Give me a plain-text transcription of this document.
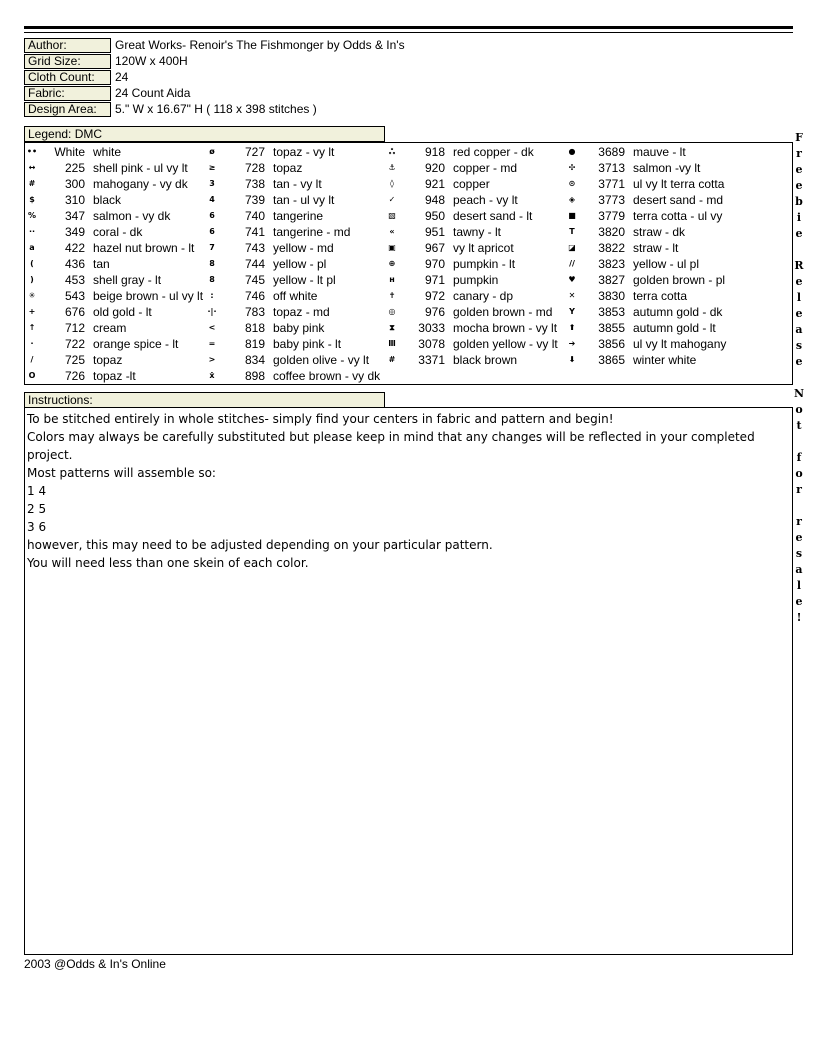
Author:	Great Works- Renoir's The Fishmonger by Odds & In's
Grid Size:	120W x 400H
Cloth Count:	24
Fabric:	24 Count Aida
Design Area:	5." W x 16.67" H ( 118 x 398 stitches )
Legend: DMC
•• White white
↔	225 shell pink - ul vy lt
#	300 mahogany - vy dk
$	310 black
%	347 salmon - vy dk
··	349 coral - dk
a	422 hazel nut brown - lt
(	436 tan
)	453 shell gray - lt
✳	543 beige brown - ul vy lt
+	676 old gold - lt
↑	712 cream
·	722 orange spice - lt
/	725 topaz
O	726 topaz -lt
ø	727 topaz - vy lt
≥	728 topaz
3	738 tan - vy lt
4	739 tan - ul vy lt
6	740 tangerine
6	741 tangerine - md
7	743 yellow - md
8	744 yellow - pl
8	745 yellow - lt pl
:	746 off white
·|·	783 topaz - md
<	818 baby pink
=	819 baby pink - lt
>	834 golden olive - vy lt
ẋ	898 coffee brown - vy dk
ஃ	918 red copper - dk
⚓	920 copper - md
◊	921 copper
✓	948 peach - vy lt
▧	950 desert sand - lt
«	951 tawny - lt
▣	967 vy lt apricot
⊕	970 pumpkin - lt
н	971 pumpkin
✝	972 canary - dp
◎	976 golden brown - md
⧗	3033 mocha brown - vy lt
Ⅲ	3078 golden yellow - vy lt
#	3371 black brown
●	3689 mauve - lt
✣	3713 salmon -vy lt
⊙	3771 ul vy lt terra cotta
◈	3773 desert sand - md
■	3779 terra cotta - ul vy
T	3820 straw - dk
◪	3822 straw - lt
//	3823 yellow - ul pl
♥	3827 golden brown - pl
✕	3830 terra cotta
Y	3853 autumn gold - dk
⬆	3855 autumn gold - lt
➔	3856 ul vy lt mahogany
⬇	3865 winter white
Instructions:
To be stitched entirely in whole stitches- simply find your centers in fabric and pattern and begin!
Colors may always be carefully substituted but please keep in mind that any changes will be reflected in your completed
project.
Most patterns will assemble so:
1 4
2 5
3 6
however, this may need to be adjusted depending on your particular pattern.
You will need less than one skein of each color.
F
r
e
e
b
i
e
R
e
l
e
a
s
e
N
o
t
f
o
r
r
e
s
a
l
e
!
2003 @Odds & In's Online
